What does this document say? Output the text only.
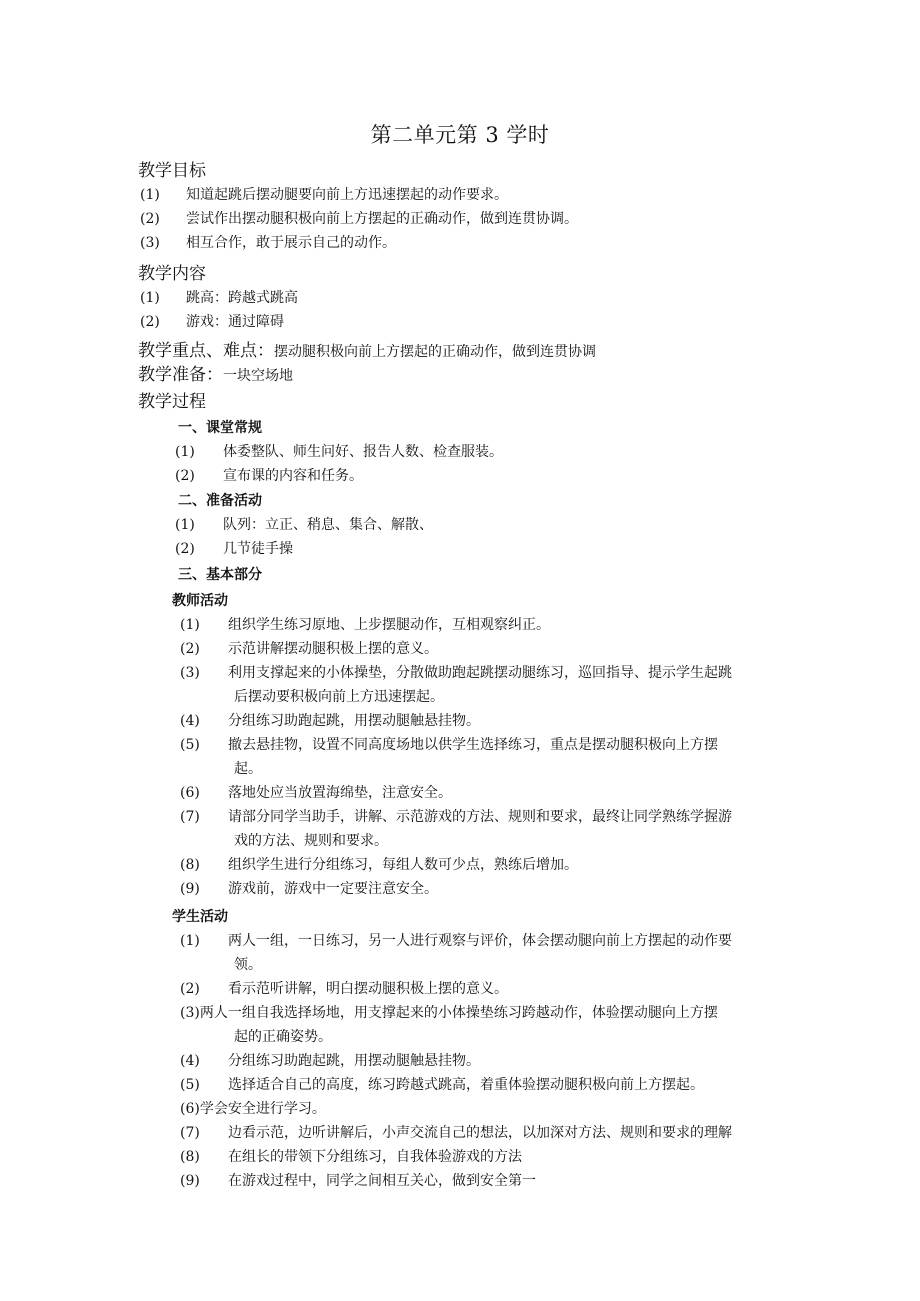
第二单元第 3 学时
教学目标
(1)	知道起跳后摆动腿要向前上方迅速摆起的动作要求。
(2)	尝试作出摆动腿积极向前上方摆起的正确动作，做到连贯协调。
(3)	相互合作，敢于展示自己的动作。
教学内容
(1)	跳高：跨越式跳高
(2)	游戏：通过障碍
教学重点、难点：摆动腿积极向前上方摆起的正确动作，做到连贯协调
教学准备：一块空场地
教学过程
一、课堂常规
(1)	体委整队、师生问好、报告人数、检查服装。
(2)	宣布课的内容和任务。
二、准备活动
(1)	队列：立正、稍息、集合、解散、
(2)	几节徒手操
三、基本部分
教师活动
(1)	组织学生练习原地、上步摆腿动作，互相观察纠正。
(2)	示范讲解摆动腿积极上摆的意义。
(3)	利用支撑起来的小体操垫，分散做助跑起跳摆动腿练习，巡回指导、提示学生起跳
后摆动要积极向前上方迅速摆起。
(4)	分组练习助跑起跳，用摆动腿触悬挂物。
(5)	撤去悬挂物，设置不同高度场地以供学生选择练习，重点是摆动腿积极向上方摆
起。
(6)	落地处应当放置海绵垫，注意安全。
(7)	请部分同学当助手，讲解、示范游戏的方法、规则和要求，最终让同学熟练学握游
戏的方法、规则和要求。
(8)	组织学生进行分组练习，每组人数可少点，熟练后增加。
(9)	游戏前，游戏中一定要注意安全。
学生活动
(1)	两人一组，一日练习，另一人进行观察与评价，体会摆动腿向前上方摆起的动作要
领。
(2)	看示范听讲解，明白摆动腿积极上摆的意义。
(3) 两人一组自我选择场地，用支撑起来的小体操垫练习跨越动作，体验摆动腿向上方摆
起的正确姿势。
(4)	分组练习助跑起跳，用摆动腿触悬挂物。
(5)	选择适合自己的高度，练习跨越式跳高，着重体验摆动腿积极向前上方摆起。
(6) 学会安全进行学习。
(7)	边看示范，边听讲解后，小声交流自己的想法，以加深对方法、规则和要求的理解
(8)	在组长的带领下分组练习，自我体验游戏的方法
(9)	在游戏过程中，同学之间相互关心，做到安全第一
